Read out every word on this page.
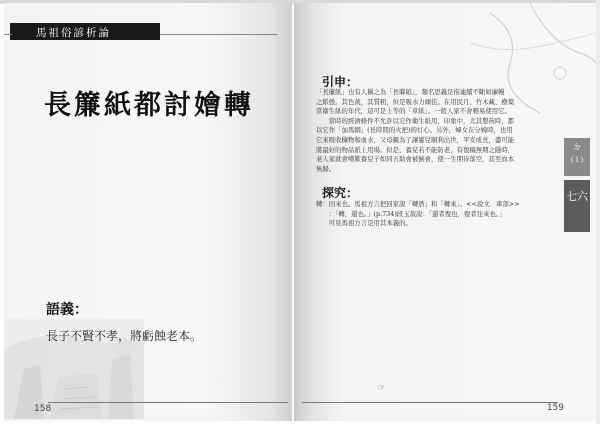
馬祖俗諺析論
長簾紙都討嬒轉
語義：
長子不賢不孝，將虧蝕老本。
158
引申：
「長簾紙」也有人稱之為「長聯紙」，類名思義是指連續不斷如廉幔
之紙張。其色黃，其質粗，但是吸水力頗佳。在用民月、竹木藏、樹葉
當衛生紙的年代，這可是上等的「草紙」。一般人家不會輕易使用它。
　　當時的經濟條件不允許以它作衛生紙用，印象中，尤其嬰孩時，都
以它作「加馬網」(長時間的火把)的灯心。另外，婦女在分娩時，也用
它來吸收穢物和血水，父母親為了讓簍兒順利出世，平安成長，盡可能
將最好的物品派上用場。但是，養兒若不能防老，有復稿無期之隱時，
老人家就會嘆歎養兒子如同五助會被倒會，使一生期待落空，甚至血本
無歸。
探究：
轉：回來也。馬祖方言把回家說「轉厝」和「轉來」。<<說文．車部>>
　　：「轉，還也。」(p.734)段玉裁說：「還者復也，復者往來也。」
　　可見馬祖方言是用其本義的。
☞
ㄉ
(１)
七六
159
